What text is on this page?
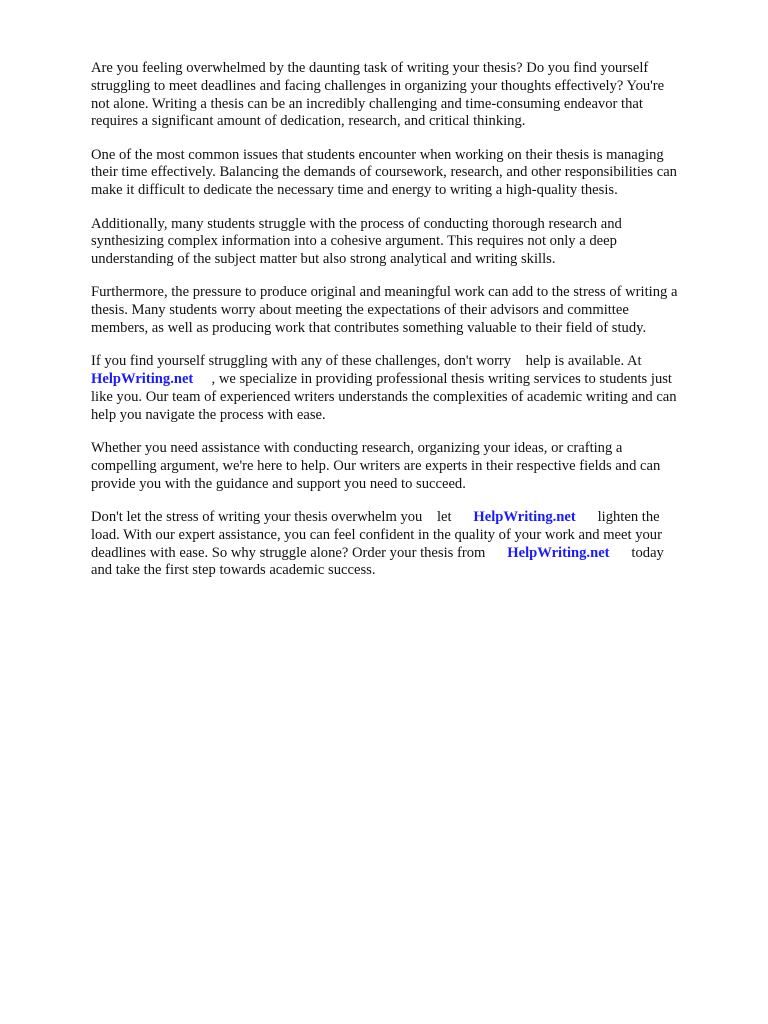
Are you feeling overwhelmed by the daunting task of writing your thesis? Do you find yourself
struggling to meet deadlines and facing challenges in organizing your thoughts effectively? You're
not alone. Writing a thesis can be an incredibly challenging and time-consuming endeavor that
requires a significant amount of dedication, research, and critical thinking.

One of the most common issues that students encounter when working on their thesis is managing
their time effectively. Balancing the demands of coursework, research, and other responsibilities can
make it difficult to dedicate the necessary time and energy to writing a high-quality thesis.

Additionally, many students struggle with the process of conducting thorough research and
synthesizing complex information into a cohesive argument. This requires not only a deep
understanding of the subject matter but also strong analytical and writing skills.

Furthermore, the pressure to produce original and meaningful work can add to the stress of writing a
thesis. Many students worry about meeting the expectations of their advisors and committee
members, as well as producing work that contributes something valuable to their field of study.

If you find yourself struggling with any of these challenges, don't worry    help is available. At
HelpWriting.net     , we specialize in providing professional thesis writing services to students just
like you. Our team of experienced writers understands the complexities of academic writing and can
help you navigate the process with ease.

Whether you need assistance with conducting research, organizing your ideas, or crafting a
compelling argument, we're here to help. Our writers are experts in their respective fields and can
provide you with the guidance and support you need to succeed.

Don't let the stress of writing your thesis overwhelm you    let      HelpWriting.net      lighten the
load. With our expert assistance, you can feel confident in the quality of your work and meet your
deadlines with ease. So why struggle alone? Order your thesis from      HelpWriting.net      today
and take the first step towards academic success.
